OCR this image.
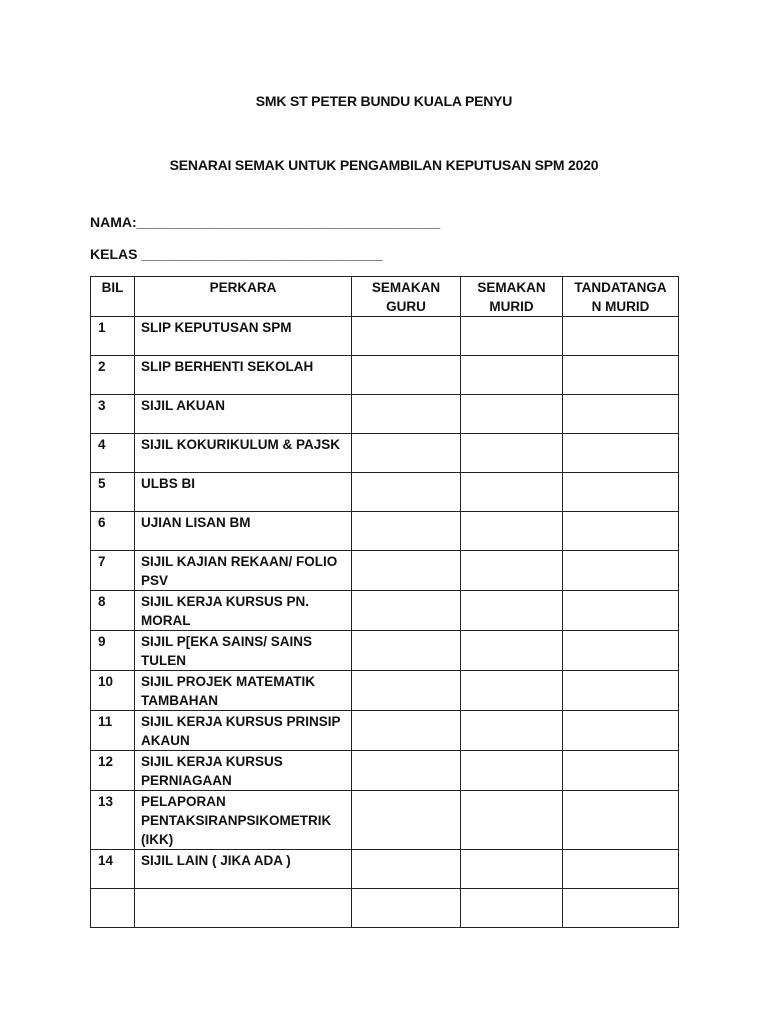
SMK ST PETER BUNDU KUALA PENYU
SENARAI SEMAK UNTUK PENGAMBILAN KEPUTUSAN SPM 2020
NAMA:_______________________________________
KELAS _______________________________
BIL	PERKARA	SEMAKAN GURU	SEMAKAN MURID	TANDATANGA N MURID
1	SLIP KEPUTUSAN SPM			
2	SLIP BERHENTI SEKOLAH			
3	SIJIL AKUAN			
4	SIJIL KOKURIKULUM & PAJSK			
5	ULBS BI			
6	UJIAN LISAN BM			
7	SIJIL KAJIAN REKAAN/ FOLIO PSV			
8	SIJIL KERJA KURSUS PN. MORAL			
9	SIJIL P[EKA SAINS/ SAINS TULEN			
10	SIJIL PROJEK MATEMATIK TAMBAHAN			
11	SIJIL KERJA KURSUS PRINSIP AKAUN			
12	SIJIL KERJA KURSUS PERNIAGAAN			
13	PELAPORAN PENTAKSIRANPSIKOMETRIK (IKK)			
14	SIJIL LAIN ( JIKA ADA )			
